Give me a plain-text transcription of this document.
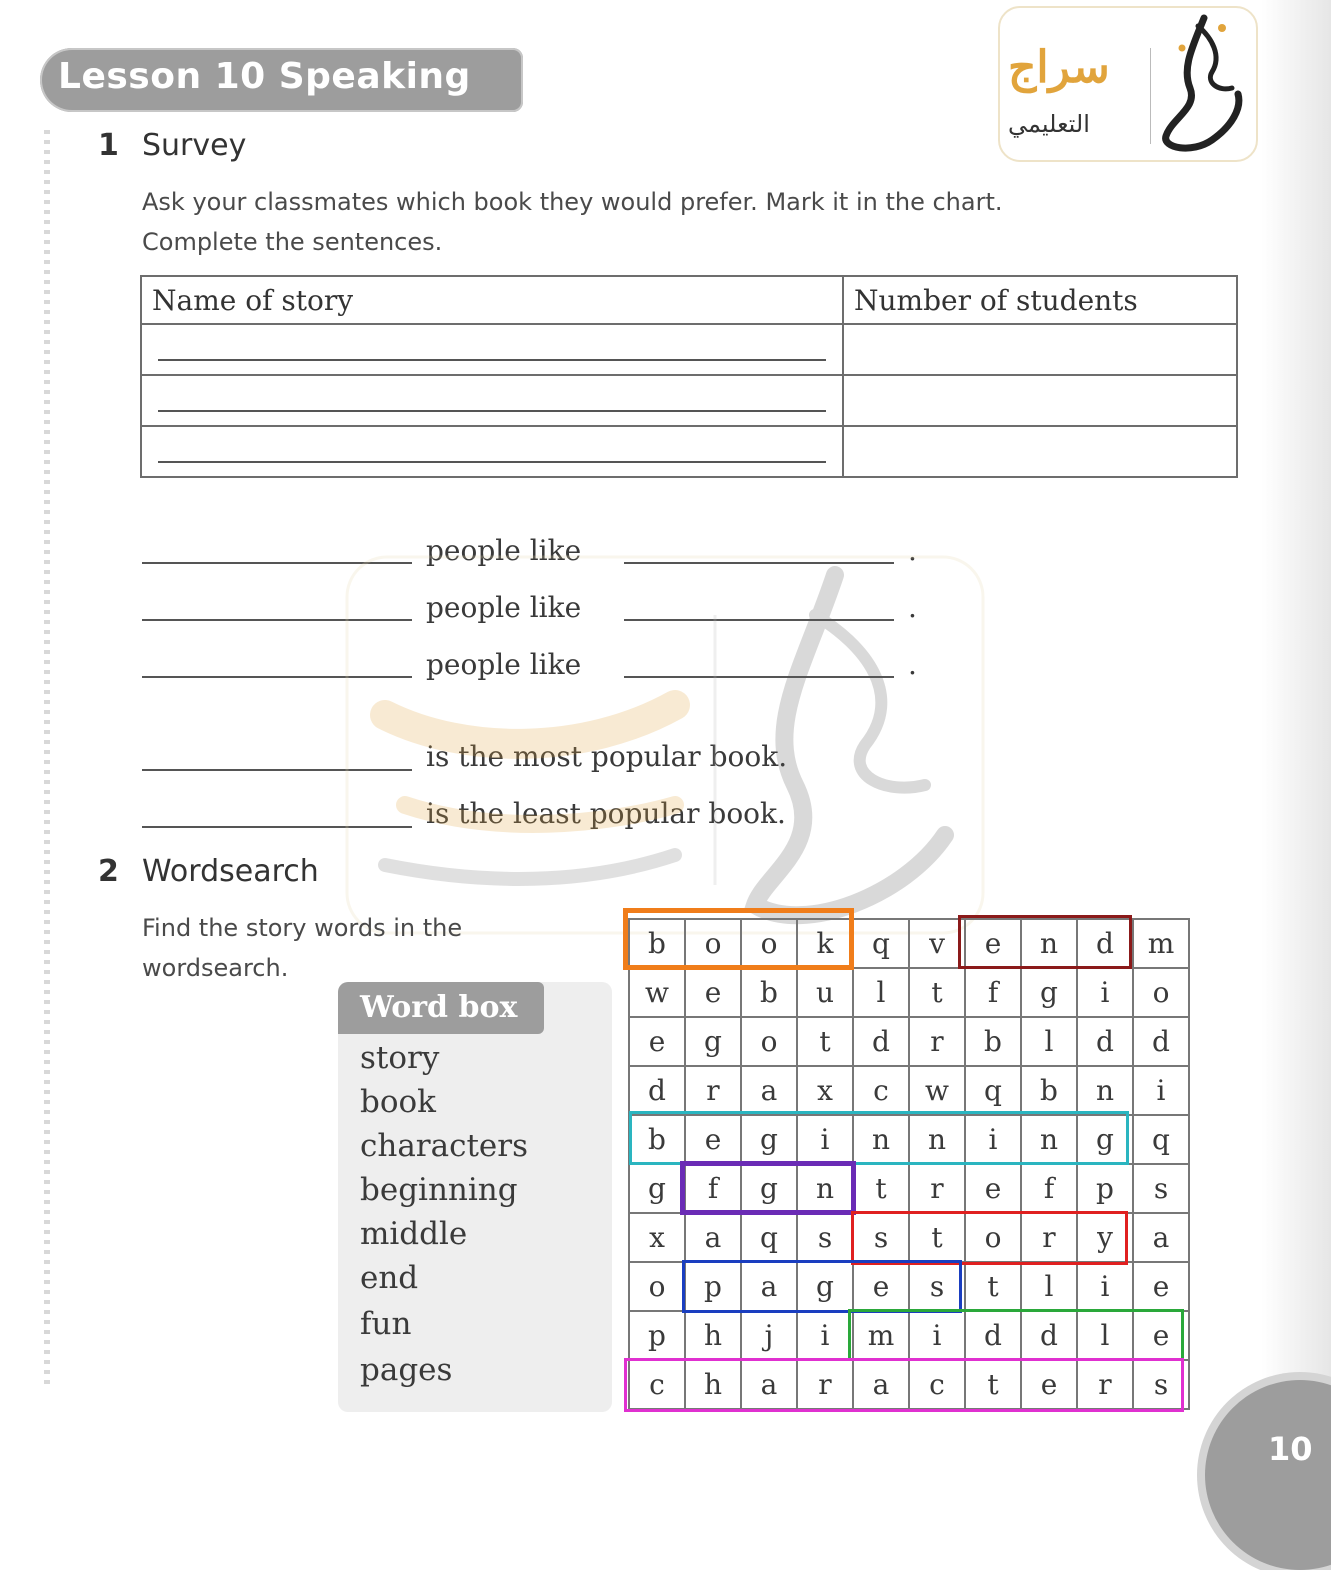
Lesson 10 Speaking	سراج
التعليمي
1 Survey
Ask your classmates which book they would prefer. Mark it in the chart.
Complete the sentences.
Name of story	Number of students

people like	.
people like	.
people like	.
is the most popular book.
is the least popular book.
2 Wordsearch
Find the story words in the
wordsearch.
Word box
story
book
characters
beginning
middle
end
fun
pages
b	o	o	k	q	v	e	n	d	m
w	e	b	u	l	t	f	g	i	o
e	g	o	t	d	r	b	l	d	d
d	r	a	x	c	w	q	b	n	i
b	e	g	i	n	n	i	n	g	q
g	f	g	n	t	r	e	f	p	s
x	a	q	s	s	t	o	r	y	a
o	p	a	g	e	s	t	l	i	e
p	h	j	i	m	i	d	d	l	e
c	h	a	r	a	c	t	e	r	s
10
